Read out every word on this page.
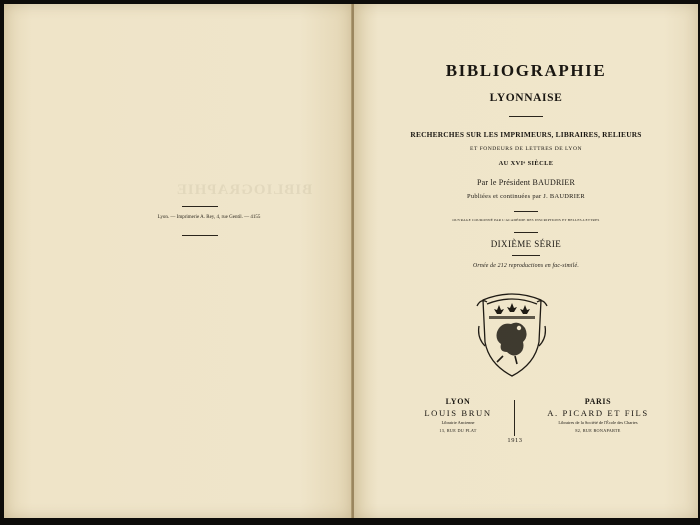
BIBLIOGRAPHIE
Lyon. — Imprimerie A. Rey, 4, rue Gentil. — 4155
BIBLIOGRAPHIE
LYONNAISE
RECHERCHES SUR LES IMPRIMEURS, LIBRAIRES, RELIEURS
ET FONDEURS DE LETTRES DE LYON
AU XVIᵉ SIÈCLE
Par le Président BAUDRIER
Publiées et continuées par J. BAUDRIER
OUVRAGE COURONNÉ PAR L'ACADÉMIE DES INSCRIPTIONS ET BELLES-LETTRES
DIXIÈME SÉRIE
Ornée de 212 reproductions en fac-similé.
LYON
LOUIS BRUN
Librairie Ancienne
13, RUE DU PLAT
PARIS
A. PICARD ET FILS
Libraires de la Société de l'École des Chartes
82, RUE BONAPARTE
1913
